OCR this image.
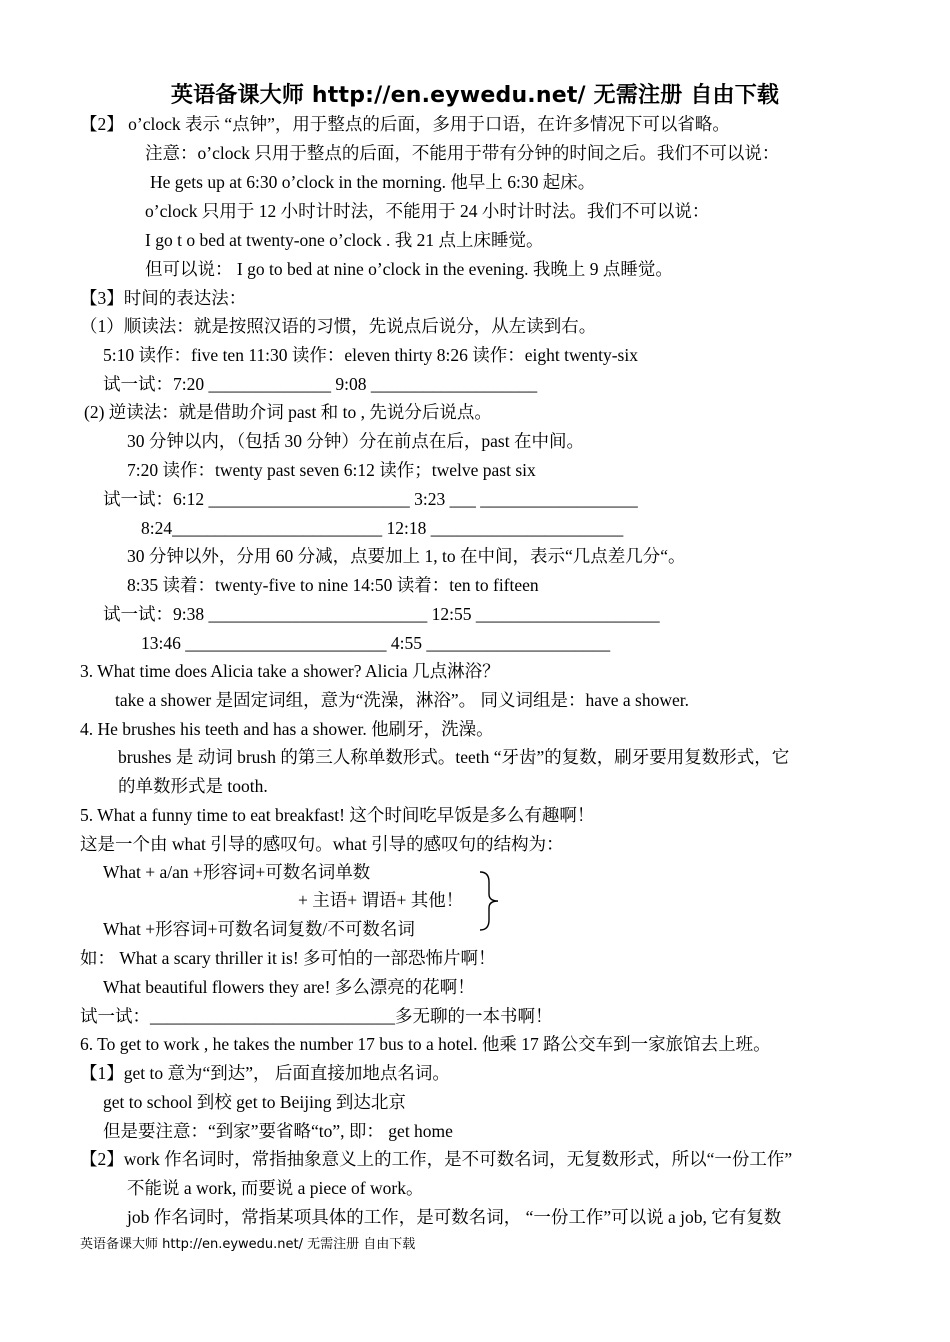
英语备课大师 http://en.eywedu.net/ 无需注册 自由下载
【2】 o’clock 表示 “点钟”，用于整点的后面，多用于口语，在许多情况下可以省略。
注意：o’clock 只用于整点的后面，不能用于带有分钟的时间之后。我们不可以说：
He gets up at 6:30 o’clock in the morning. 他早上 6:30 起床。
o’clock 只用于 12 小时计时法，不能用于 24 小时计时法。我们不可以说：
I go t o bed at twenty-one o’clock . 我 21 点上床睡觉。
但可以说： I go to bed at nine o’clock in the evening. 我晚上 9 点睡觉。
【3】时间的表达法：
（1）顺读法：就是按照汉语的习惯，先说点后说分，从左读到右。
5:10 读作：five ten 11:30 读作：eleven thirty 8:26 读作：eight twenty-six
试一试：7:20 ______________ 9:08 ___________________
(2) 逆读法：就是借助介词 past 和 to , 先说分后说点。
30 分钟以内，（包括 30 分钟）分在前点在后，past 在中间。
7:20 读作：twenty past seven 6:12 读作；twelve past six
试一试：6:12 _______________________ 3:23 ___ __________________
8:24________________________ 12:18 ______________________
30 分钟以外，分用 60 分减，点要加上 1, to 在中间，表示“几点差几分“。
8:35 读着：twenty-five to nine 14:50 读着：ten to fifteen
试一试：9:38 _________________________ 12:55 _____________________
13:46 _______________________ 4:55 _____________________
3. What time does Alicia take a shower? Alicia 几点淋浴？
take a shower 是固定词组，意为“洗澡，淋浴”。 同义词组是：have a shower.
4. He brushes his teeth and has a shower. 他刷牙，洗澡。
brushes 是 动词 brush 的第三人称单数形式。teeth “牙齿”的复数，刷牙要用复数形式，它
的单数形式是 tooth.
5. What a funny time to eat breakfast! 这个时间吃早饭是多么有趣啊！
这是一个由 what 引导的感叹句。what 引导的感叹句的结构为：
What + a/an +形容词+可数名词单数
+ 主语+ 谓语+ 其他！
What +形容词+可数名词复数/不可数名词
如： What a scary thriller it is! 多可怕的一部恐怖片啊！
What beautiful flowers they are! 多么漂亮的花啊！
试一试：____________________________多无聊的一本书啊！
6. To get to work , he takes the number 17 bus to a hotel. 他乘 17 路公交车到一家旅馆去上班。
【1】get to 意为“到达”， 后面直接加地点名词。
get to school 到校 get to Beijing 到达北京
但是要注意：“到家”要省略“to”, 即： get home
【2】work 作名词时，常指抽象意义上的工作，是不可数名词，无复数形式，所以“一份工作”
不能说 a work, 而要说 a piece of work。
job 作名词时，常指某项具体的工作，是可数名词， “一份工作”可以说 a job, 它有复数
英语备课大师 http://en.eywedu.net/ 无需注册 自由下载
